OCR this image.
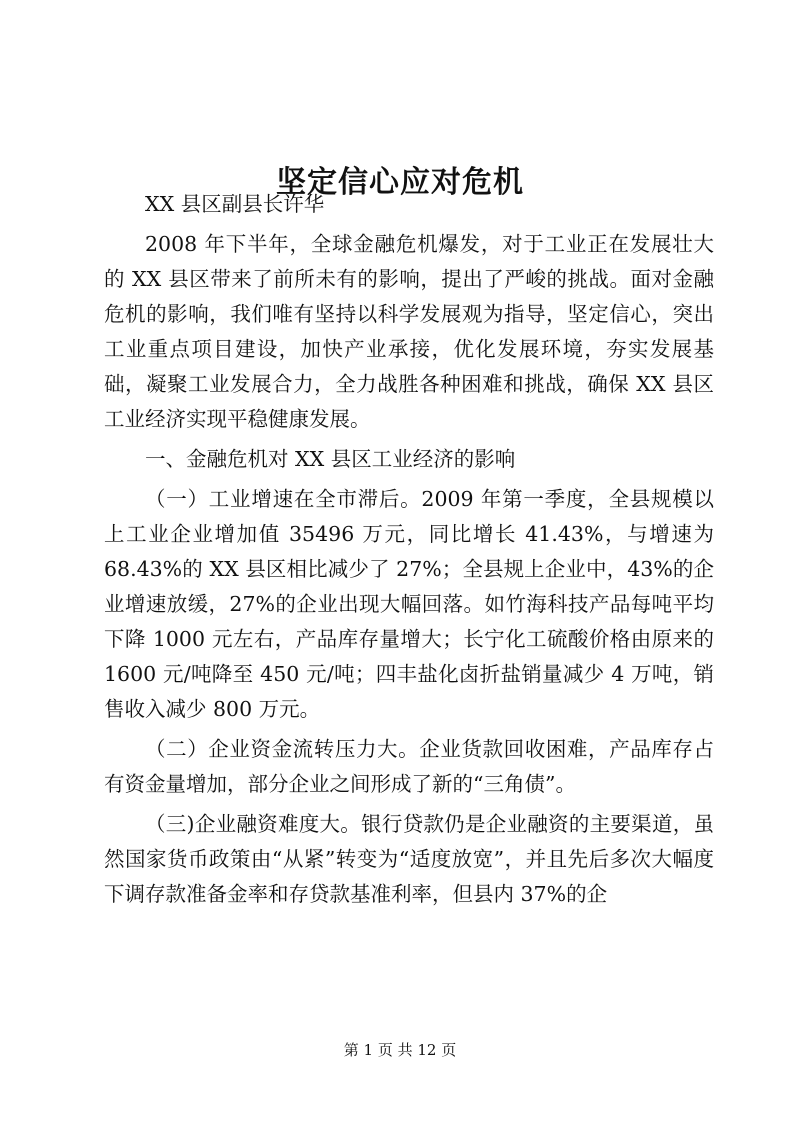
坚定信心应对危机

XX 县区副县长许华

2008 年下半年，全球金融危机爆发，对于工业正在发展壮大的 XX 县区带来了前所未有的影响，提出了严峻的挑战。面对金融危机的影响，我们唯有坚持以科学发展观为指导，坚定信心，突出工业重点项目建设，加快产业承接，优化发展环境，夯实发展基础，凝聚工业发展合力，全力战胜各种困难和挑战，确保 XX 县区工业经济实现平稳健康发展。

一、金融危机对 XX 县区工业经济的影响

（一）工业增速在全市滞后。2009 年第一季度，全县规模以上工业企业增加值 35496 万元，同比增长 41.43%，与增速为 68.43%的 XX 县区相比减少了 27%；全县规上企业中，43%的企业增速放缓，27%的企业出现大幅回落。如竹海科技产品每吨平均下降 1000 元左右，产品库存量增大；长宁化工硫酸价格由原来的 1600 元/吨降至 450 元/吨；四丰盐化卤折盐销量减少 4 万吨，销售收入减少 800 万元。

（二）企业资金流转压力大。企业货款回收困难，产品库存占有资金量增加，部分企业之间形成了新的“三角债”。

（三)企业融资难度大。银行贷款仍是企业融资的主要渠道，虽然国家货币政策由“从紧”转变为“适度放宽”，并且先后多次大幅度下调存款准备金率和存贷款基准利率，但县内 37%的企

第 1 页 共 12 页
